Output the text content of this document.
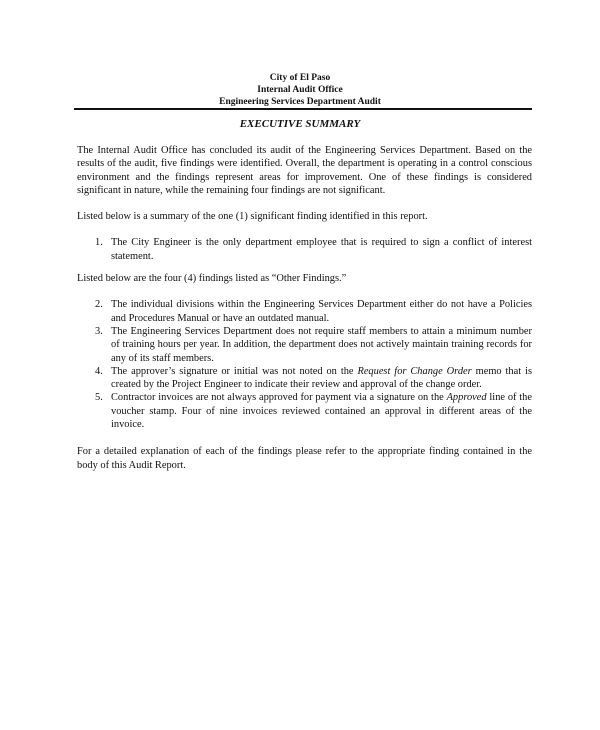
City of El Paso
Internal Audit Office
Engineering Services Department Audit
EXECUTIVE SUMMARY

The Internal Audit Office has concluded its audit of the Engineering Services Department. Based on the results of the audit, five findings were identified. Overall, the department is operating in a control conscious environment and the findings represent areas for improvement. One of these findings is considered significant in nature, while the remaining four findings are not significant.

Listed below is a summary of the one (1) significant finding identified in this report.

1. The City Engineer is the only department employee that is required to sign a conflict of interest statement.

Listed below are the four (4) findings listed as “Other Findings.”

2. The individual divisions within the Engineering Services Department either do not have a Policies and Procedures Manual or have an outdated manual.
3. The Engineering Services Department does not require staff members to attain a minimum number of training hours per year. In addition, the department does not actively maintain training records for any of its staff members.
4. The approver’s signature or initial was not noted on the Request for Change Order memo that is created by the Project Engineer to indicate their review and approval of the change order.
5. Contractor invoices are not always approved for payment via a signature on the Approved line of the voucher stamp. Four of nine invoices reviewed contained an approval in different areas of the invoice.

For a detailed explanation of each of the findings please refer to the appropriate finding contained in the body of this Audit Report.
